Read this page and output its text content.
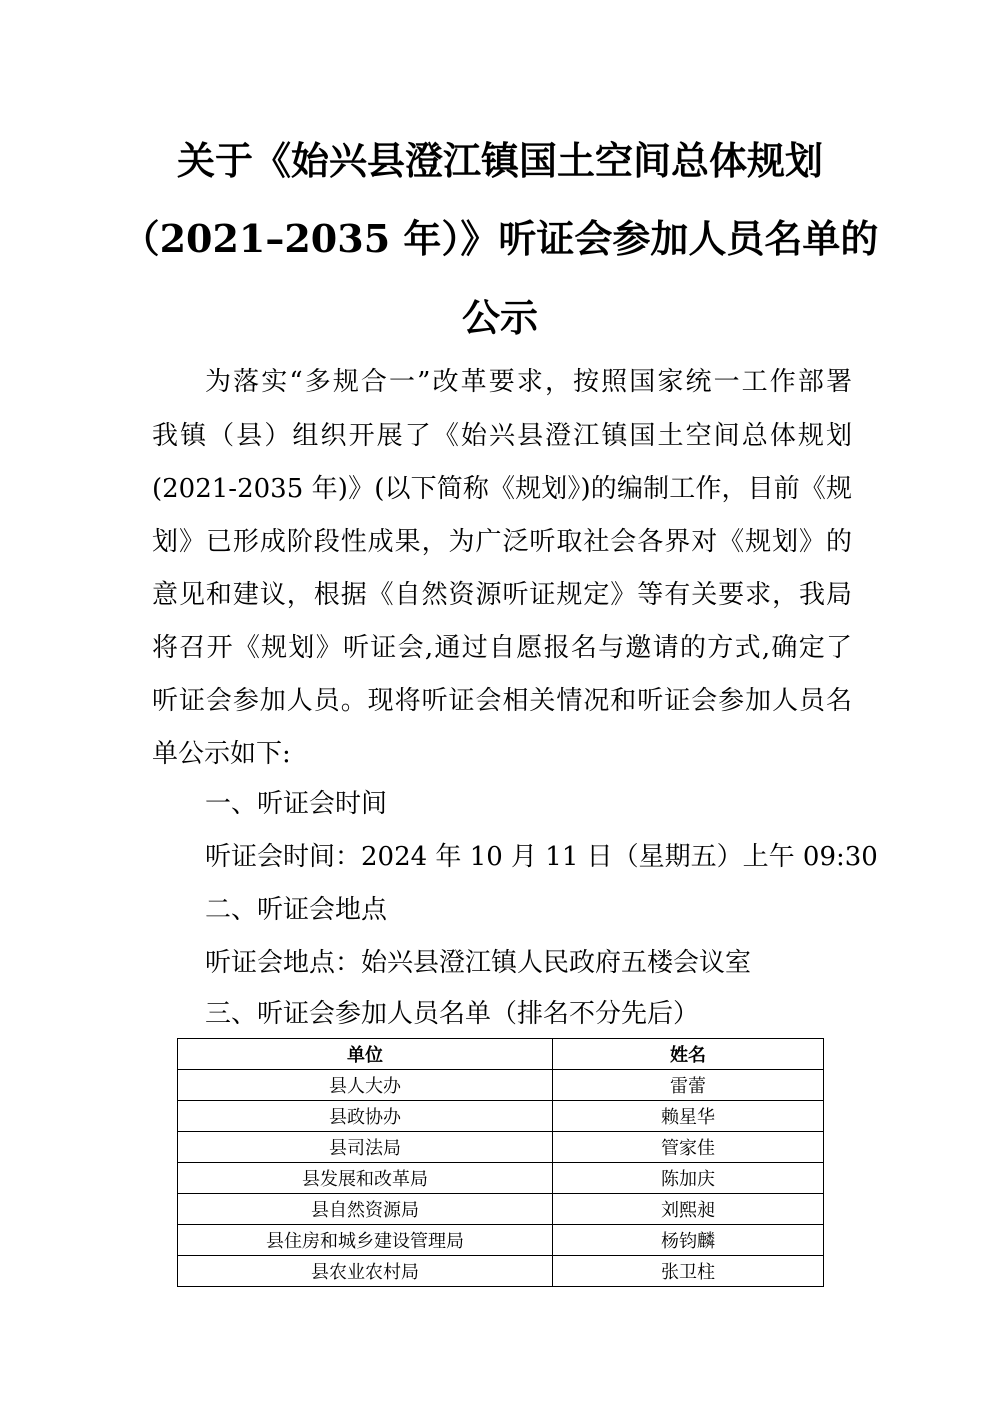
关于《始兴县澄江镇国土空间总体规划
（2021–2035 年）》听证会参加人员名单的
公示
为落实“多规合一”改革要求，按照国家统一工作部署
我镇（县）组织开展了《始兴县澄江镇国土空间总体规划
(2021-2035 年)》(以下简称《规划》)的编制工作，目前《规
划》已形成阶段性成果，为广泛听取社会各界对《规划》的
意见和建议，根据《自然资源听证规定》等有关要求，我局
将召开《规划》听证会,通过自愿报名与邀请的方式,确定了
听证会参加人员。现将听证会相关情况和听证会参加人员名
单公示如下:
一、听证会时间
听证会时间：2024 年 10 月 11 日（星期五）上午 09:30
二、听证会地点
听证会地点：始兴县澄江镇人民政府五楼会议室
三、听证会参加人员名单（排名不分先后）
单位	姓名
县人大办	雷蕾
县政协办	赖星华
县司法局	管家佳
县发展和改革局	陈加庆
县自然资源局	刘熙昶
县住房和城乡建设管理局	杨钧麟
县农业农村局	张卫柱
